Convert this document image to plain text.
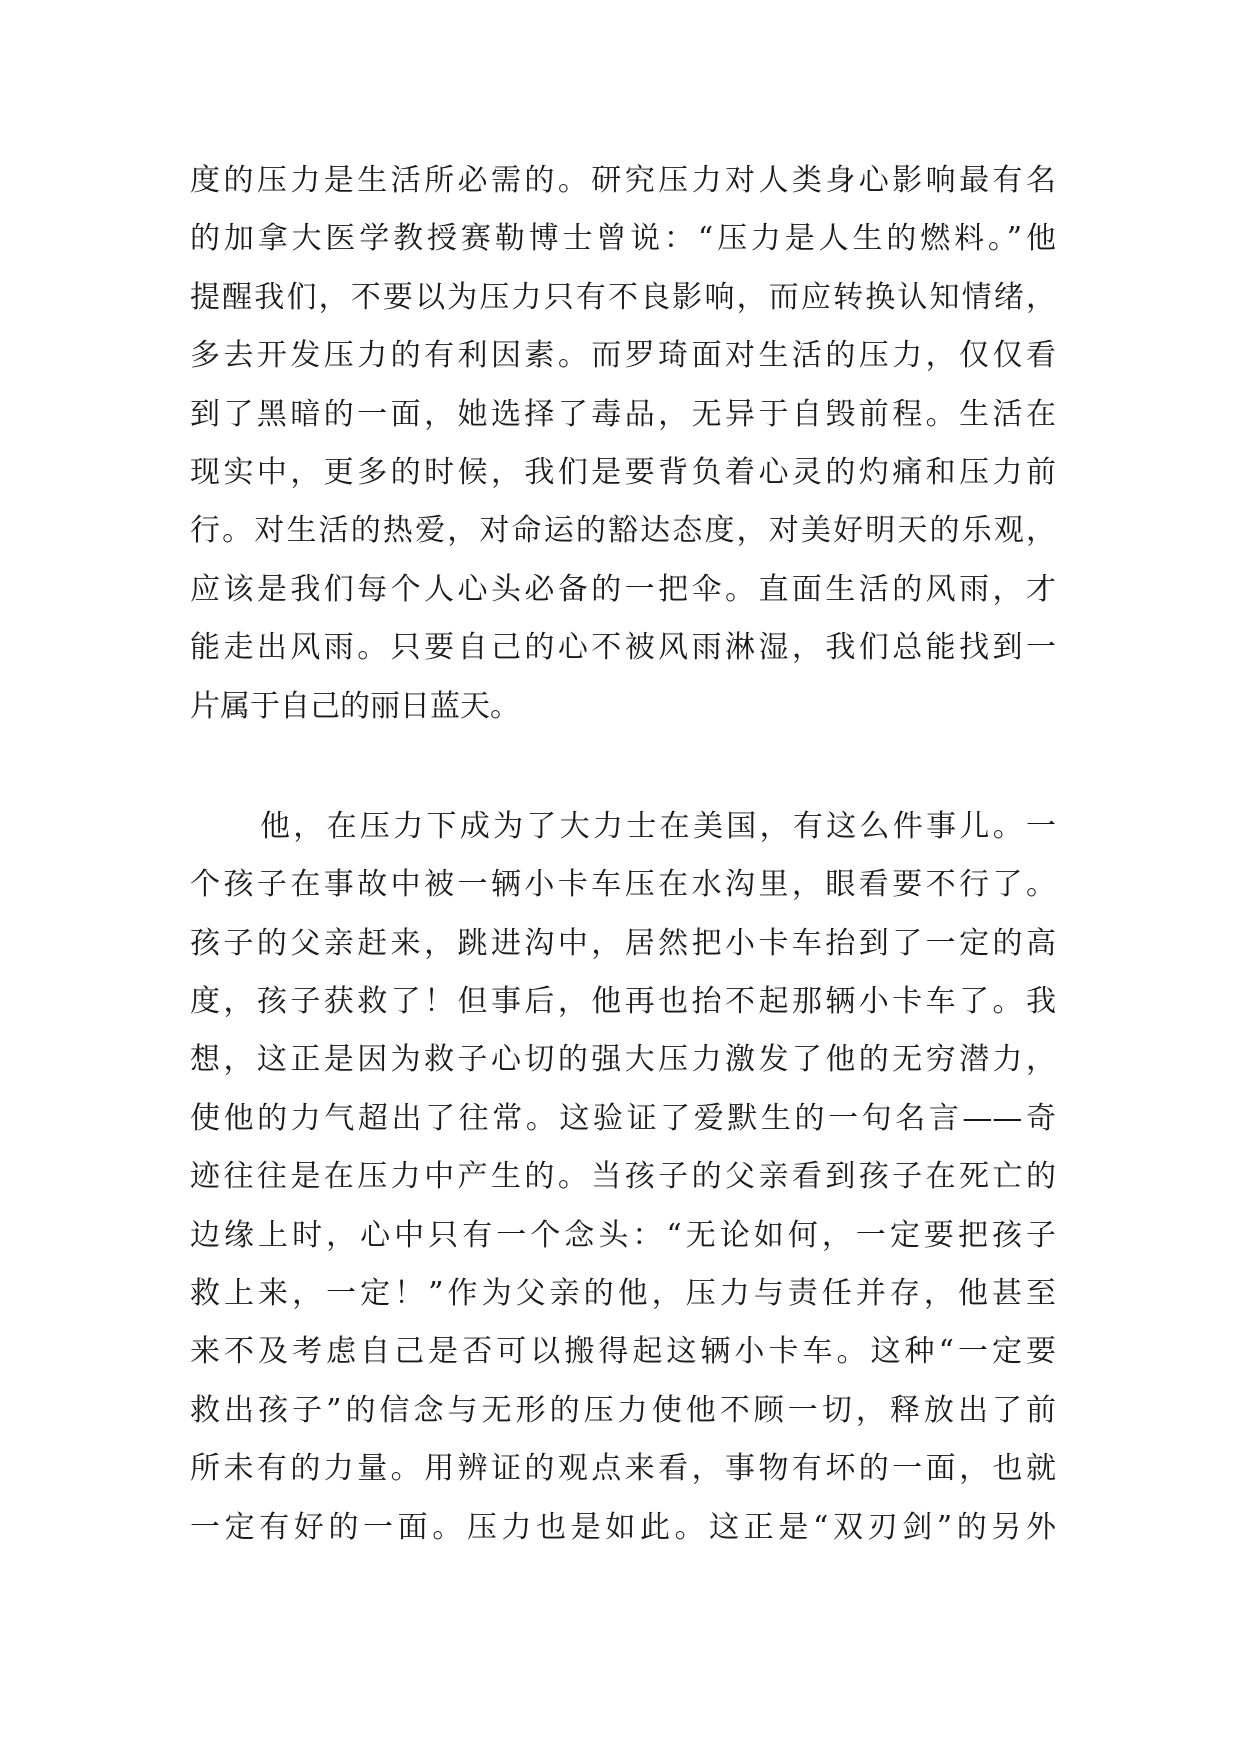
度的压力是生活所必需的。研究压力对人类身心影响最有名
的加拿大医学教授赛勒博士曾说：“压力是人生的燃料。”他
提醒我们，不要以为压力只有不良影响，而应转换认知情绪，
多去开发压力的有利因素。而罗琦面对生活的压力，仅仅看
到了黑暗的一面，她选择了毒品，无异于自毁前程。生活在
现实中，更多的时候，我们是要背负着心灵的灼痛和压力前
行。对生活的热爱，对命运的豁达态度，对美好明天的乐观，
应该是我们每个人心头必备的一把伞。直面生活的风雨，才
能走出风雨。只要自己的心不被风雨淋湿，我们总能找到一
片属于自己的丽日蓝天。
他，在压力下成为了大力士在美国，有这么件事儿。一
个孩子在事故中被一辆小卡车压在水沟里，眼看要不行了。
孩子的父亲赶来，跳进沟中，居然把小卡车抬到了一定的高
度，孩子获救了！但事后，他再也抬不起那辆小卡车了。我
想，这正是因为救子心切的强大压力激发了他的无穷潜力，
使他的力气超出了往常。这验证了爱默生的一句名言——奇
迹往往是在压力中产生的。当孩子的父亲看到孩子在死亡的
边缘上时，心中只有一个念头：“无论如何，一定要把孩子
救上来，一定！”作为父亲的他，压力与责任并存，他甚至
来不及考虑自己是否可以搬得起这辆小卡车。这种“一定要
救出孩子”的信念与无形的压力使他不顾一切，释放出了前
所未有的力量。用辨证的观点来看，事物有坏的一面，也就
一定有好的一面。压力也是如此。这正是“双刃剑”的另外
